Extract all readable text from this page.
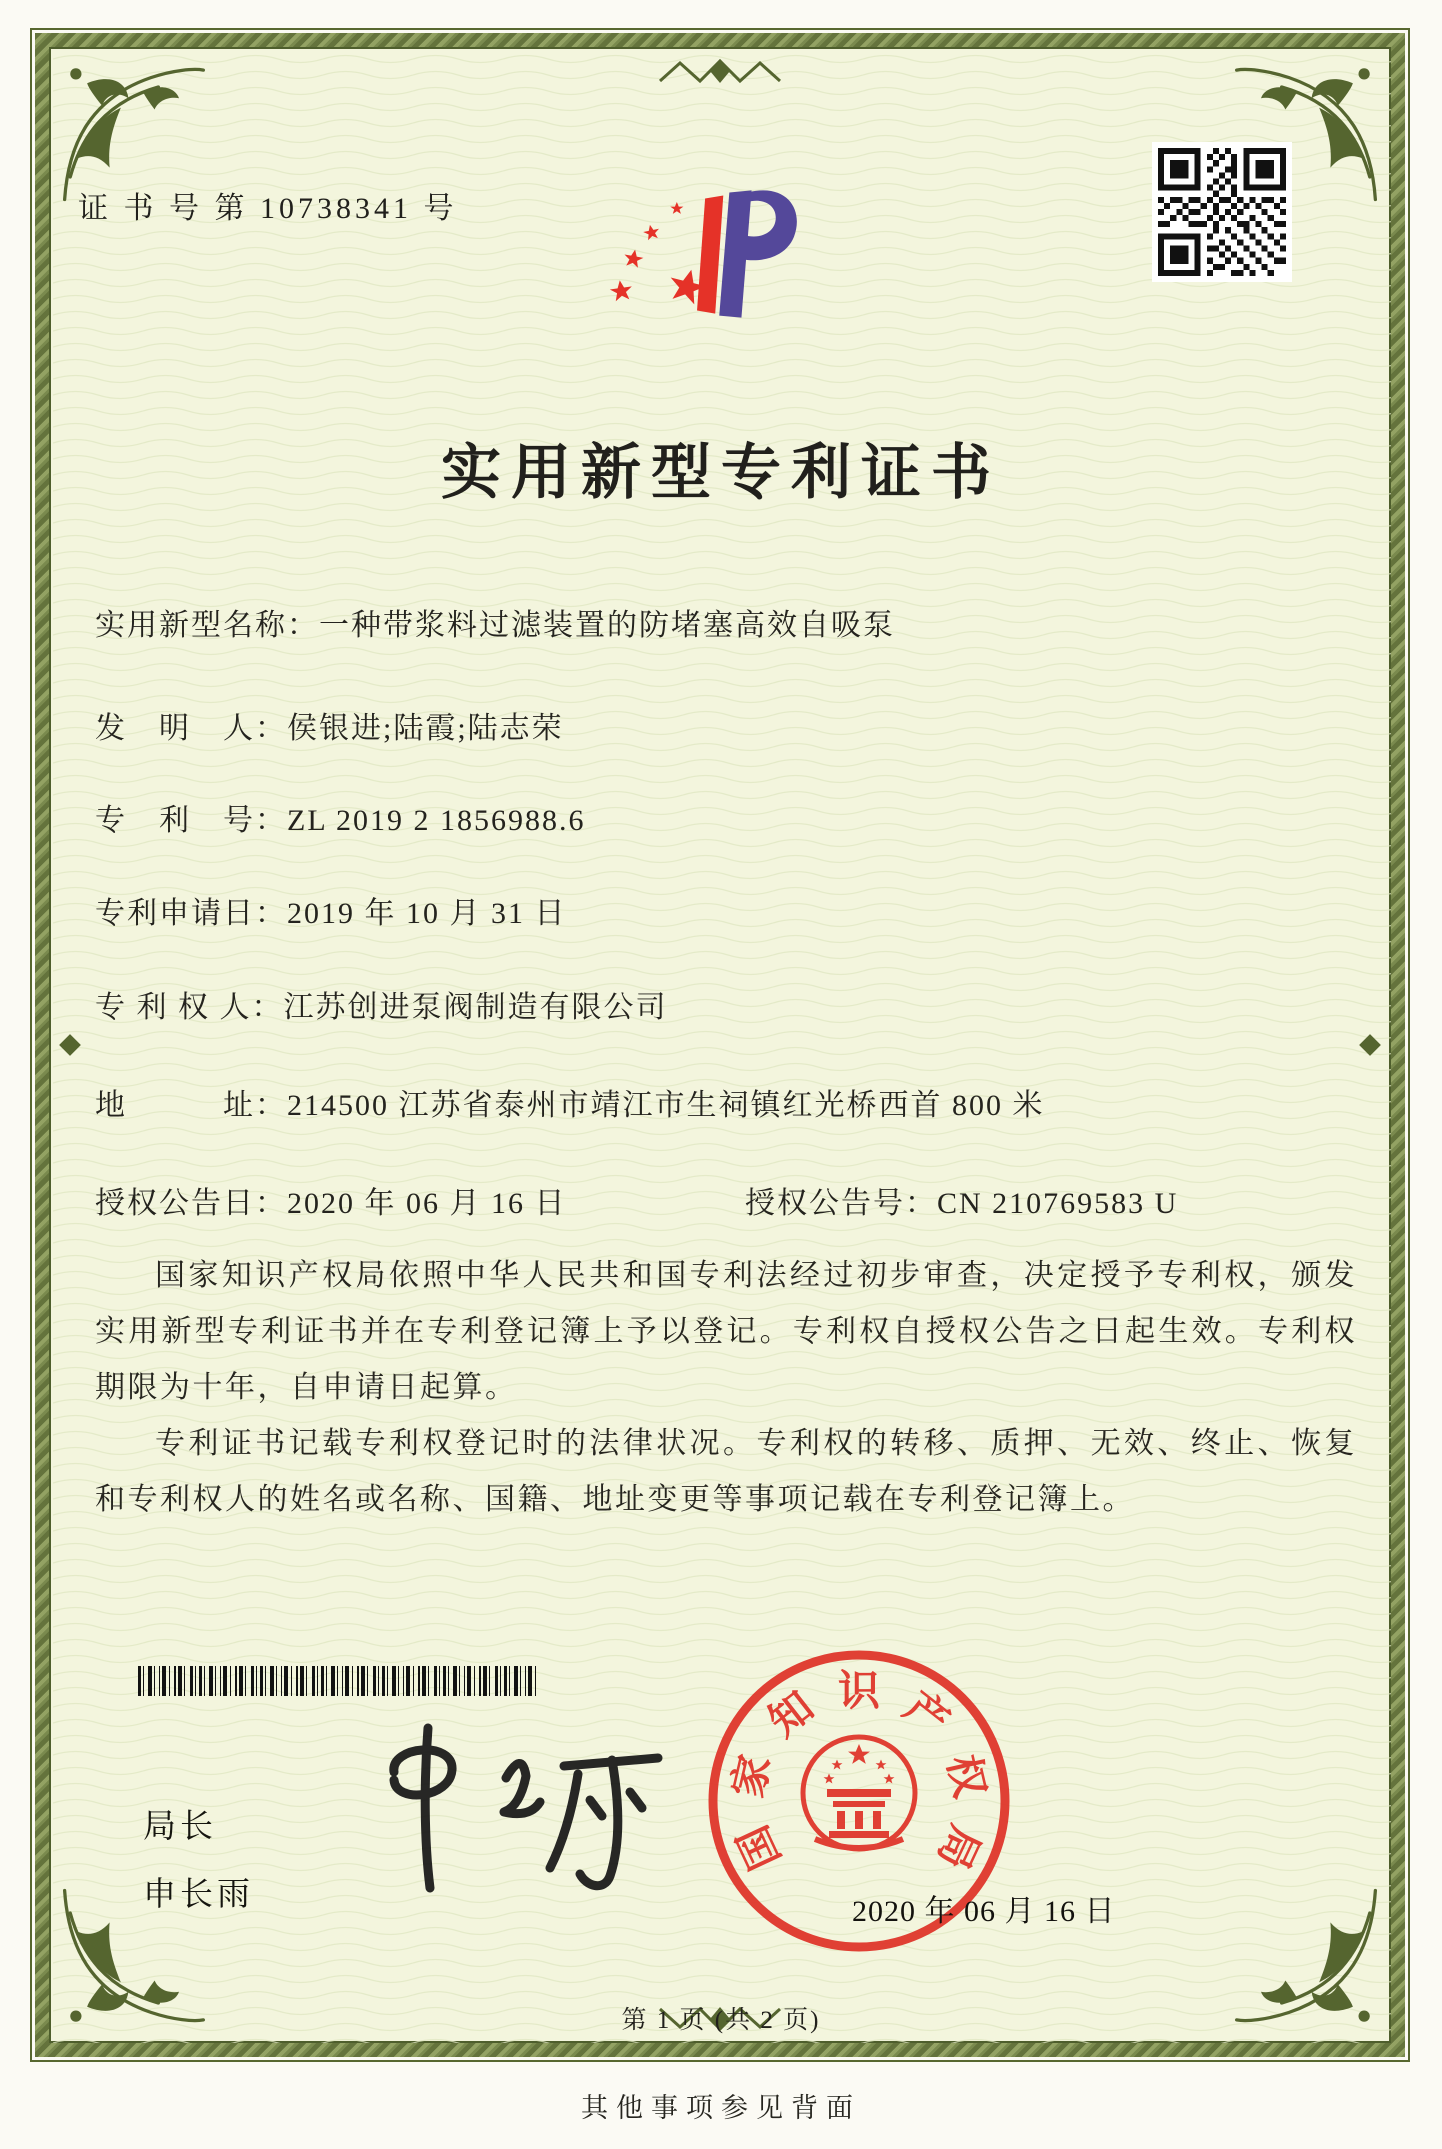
证 书 号 第 10738341 号
实用新型专利证书
实用新型名称：一种带浆料过滤装置的防堵塞高效自吸泵
发　明　人：侯银进;陆霞;陆志荣
专　利　号：ZL 2019 2 1856988.6
专利申请日：2019 年 10 月 31 日
专 利 权 人：江苏创进泵阀制造有限公司
地　　　址：214500 江苏省泰州市靖江市生祠镇红光桥西首 800 米
授权公告日：2020 年 06 月 16 日	授权公告号：CN 210769583 U

国家知识产权局依照中华人民共和国专利法经过初步审查，决定授予专利权，颁发实用新型专利证书并在专利登记簿上予以登记。专利权自授权公告之日起生效。专利权期限为十年，自申请日起算。

专利证书记载专利权登记时的法律状况。专利权的转移、质押、无效、终止、恢复和专利权人的姓名或名称、国籍、地址变更等事项记载在专利登记簿上。

局长
申长雨
国
家
知 识 产
权
局
2020 年 06 月 16 日
第 1 页 (共 2 页)
其他事项参见背面
